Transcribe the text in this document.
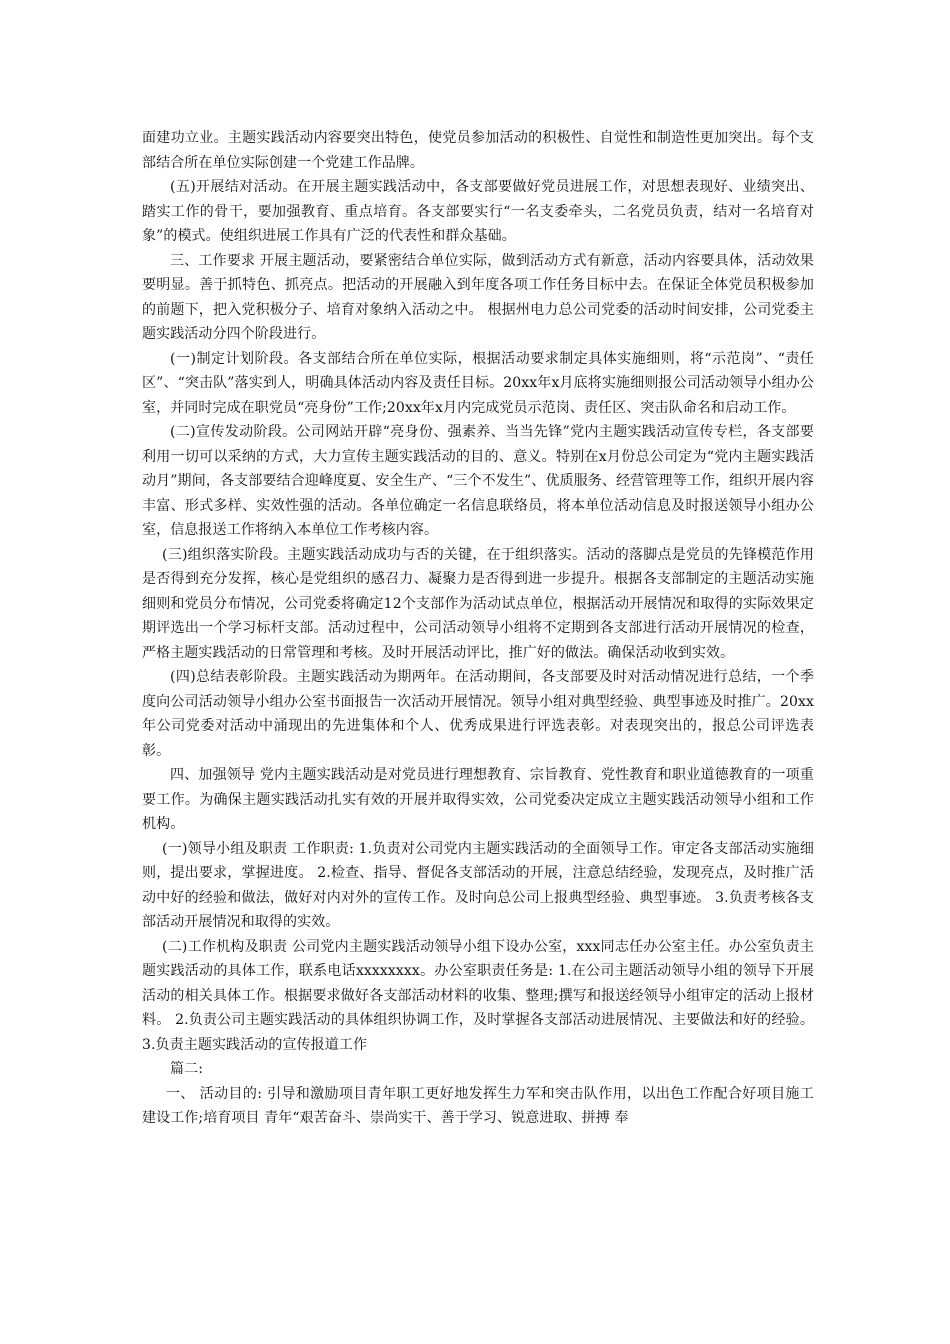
面建功立业。主题实践活动内容要突出特色，使党员参加活动的积极性、自觉性和制造性更加突出。每个支部结合所在单位实际创建一个党建工作品牌。

(五)开展结对活动。在开展主题实践活动中，各支部要做好党员进展工作，对思想表现好、业绩突出、踏实工作的骨干，要加强教育、重点培育。各支部要实行“一名支委牵头，二名党员负责，结对一名培育对象”的模式。使组织进展工作具有广泛的代表性和群众基础。

三、工作要求 开展主题活动，要紧密结合单位实际，做到活动方式有新意，活动内容要具体，活动效果要明显。善于抓特色、抓亮点。把活动的开展融入到年度各项工作任务目标中去。在保证全体党员积极参加的前题下，把入党积极分子、培育对象纳入活动之中。 根据州电力总公司党委的活动时间安排，公司党委主题实践活动分四个阶段进行。

(一)制定计划阶段。各支部结合所在单位实际，根据活动要求制定具体实施细则，将“示范岗”、“责任区”、“突击队”落实到人，明确具体活动内容及责任目标。20xx年x月底将实施细则报公司活动领导小组办公室，并同时完成在职党员“亮身份”工作;20xx年x月内完成党员示范岗、责任区、突击队命名和启动工作。

(二)宣传发动阶段。公司网站开辟“亮身份、强素养、当当先锋”党内主题实践活动宣传专栏，各支部要利用一切可以采纳的方式，大力宣传主题实践活动的目的、意义。特别在x月份总公司定为“党内主题实践活动月”期间，各支部要结合迎峰度夏、安全生产、“三个不发生”、优质服务、经营管理等工作，组织开展内容丰富、形式多样、实效性强的活动。各单位确定一名信息联络员，将本单位活动信息及时报送领导小组办公室，信息报送工作将纳入本单位工作考核内容。

(三)组织落实阶段。主题实践活动成功与否的关键，在于组织落实。活动的落脚点是党员的先锋模范作用是否得到充分发挥，核心是党组织的感召力、凝聚力是否得到进一步提升。根据各支部制定的主题活动实施细则和党员分布情况，公司党委将确定12个支部作为活动试点单位，根据活动开展情况和取得的实际效果定期评选出一个学习标杆支部。活动过程中，公司活动领导小组将不定期到各支部进行活动开展情况的检查，严格主题实践活动的日常管理和考核。及时开展活动评比，推广好的做法。确保活动收到实效。

(四)总结表彰阶段。主题实践活动为期两年。在活动期间，各支部要及时对活动情况进行总结，一个季度向公司活动领导小组办公室书面报告一次活动开展情况。领导小组对典型经验、典型事迹及时推广。20xx年公司党委对活动中涌现出的先进集体和个人、优秀成果进行评选表彰。对表现突出的，报总公司评选表彰。

四、加强领导 党内主题实践活动是对党员进行理想教育、宗旨教育、党性教育和职业道德教育的一项重要工作。为确保主题实践活动扎实有效的开展并取得实效，公司党委决定成立主题实践活动领导小组和工作机构。

(一)领导小组及职责 工作职责: 1.负责对公司党内主题实践活动的全面领导工作。审定各支部活动实施细则，提出要求，掌握进度。 2.检查、指导、督促各支部活动的开展，注意总结经验，发现亮点，及时推广活动中好的经验和做法，做好对内对外的宣传工作。及时向总公司上报典型经验、典型事迹。 3.负责考核各支部活动开展情况和取得的实效。

(二)工作机构及职责 公司党内主题实践活动领导小组下设办公室，xxx同志任办公室主任。办公室负责主题实践活动的具体工作，联系电话xxxxxxxx。办公室职责任务是: 1.在公司主题活动领导小组的领导下开展活动的相关具体工作。根据要求做好各支部活动材料的收集、整理;撰写和报送经领导小组审定的活动上报材料。 2.负责公司主题实践活动的具体组织协调工作，及时掌握各支部活动进展情况、主要做法和好的经验。 3.负责主题实践活动的宣传报道工作

篇二:

一、 活动目的: 引导和激励项目青年职工更好地发挥生力军和突击队作用，以出色工作配合好项目施工建设工作;培育项目 青年“艰苦奋斗、崇尚实干、善于学习、锐意进取、拼搏 奉
